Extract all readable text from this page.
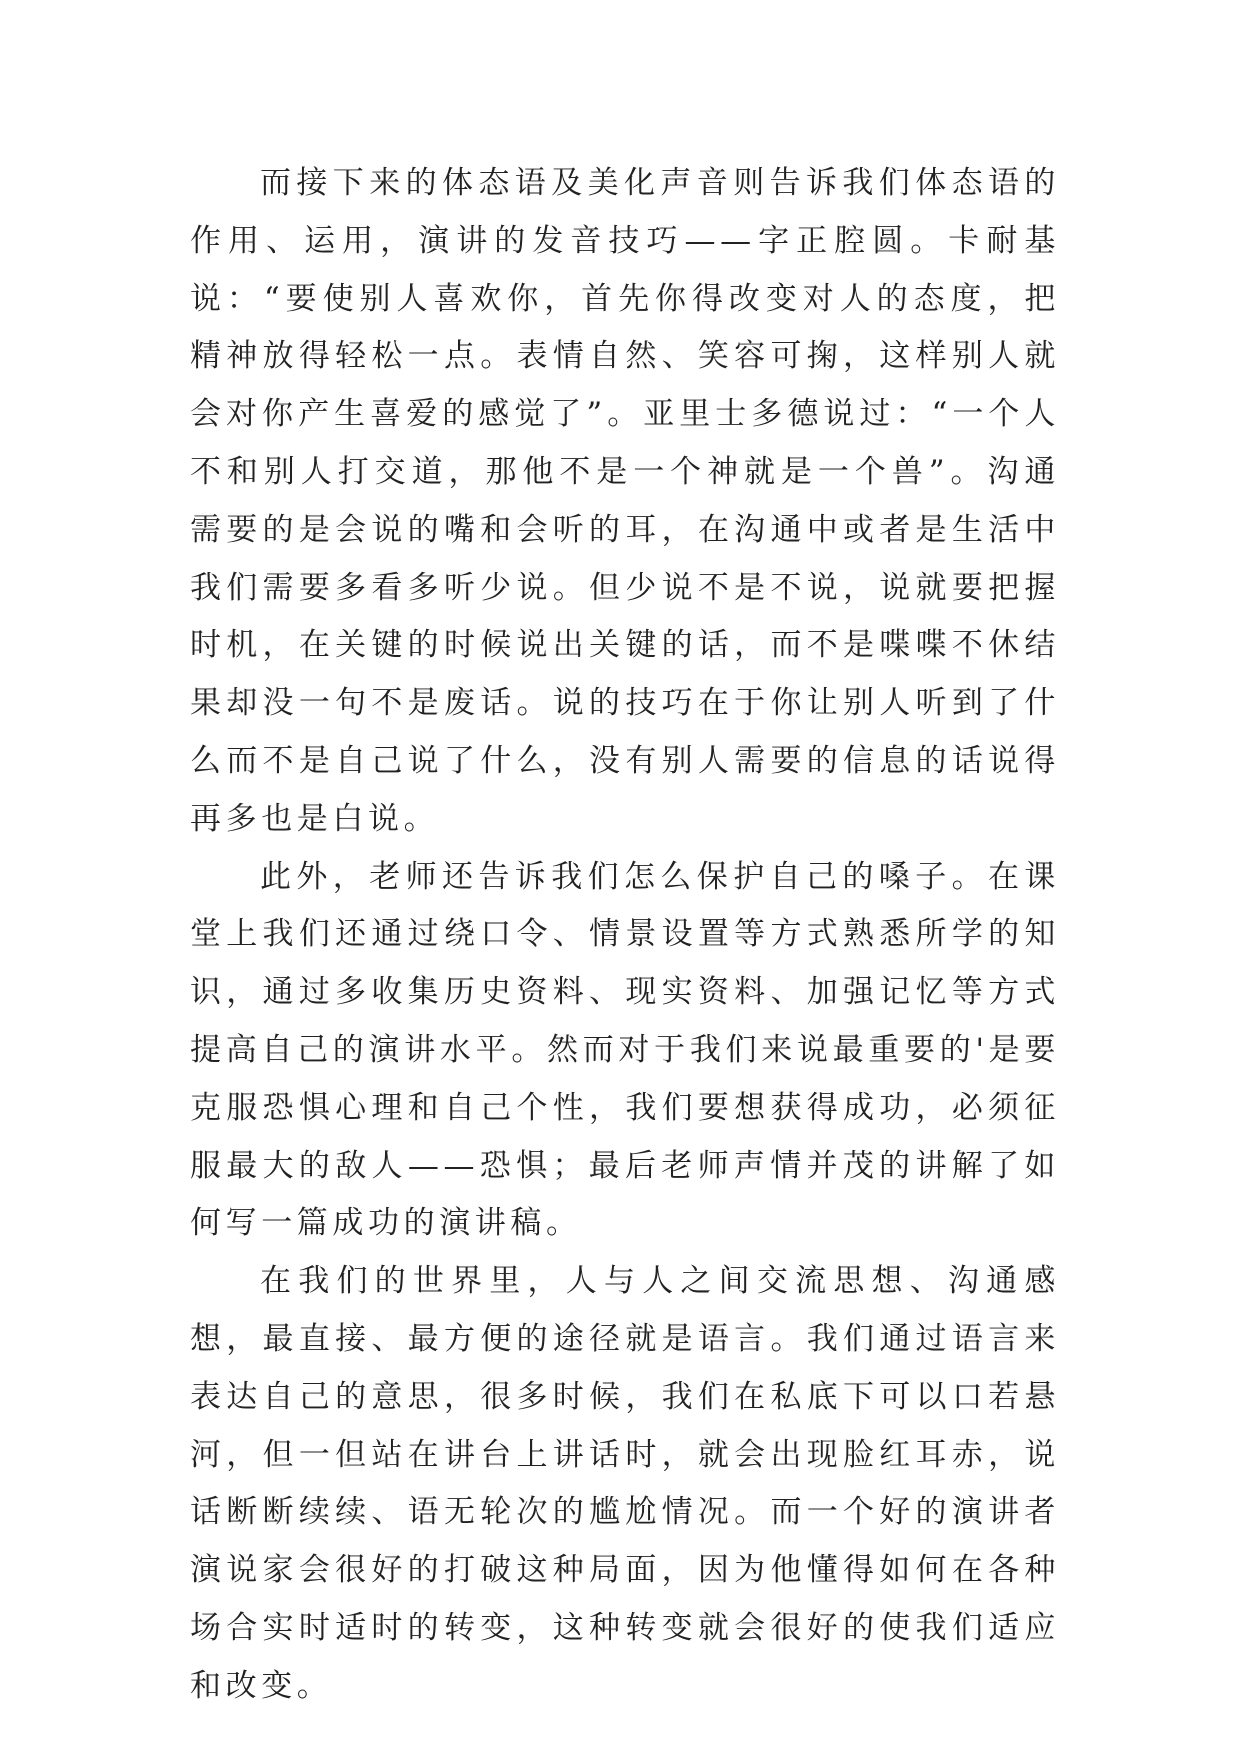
而接下来的体态语及美化声音则告诉我们体态语的作用、运用，演讲的发音技巧——字正腔圆。卡耐基说：“要使别人喜欢你，首先你得改变对人的态度，把精神放得轻松一点。表情自然、笑容可掬，这样别人就会对你产生喜爱的感觉了”。亚里士多德说过：“一个人不和别人打交道，那他不是一个神就是一个兽”。沟通需要的是会说的嘴和会听的耳，在沟通中或者是生活中我们需要多看多听少说。但少说不是不说，说就要把握时机，在关键的时候说出关键的话，而不是喋喋不休结果却没一句不是废话。说的技巧在于你让别人听到了什么而不是自己说了什么，没有别人需要的信息的话说得再多也是白说。

此外，老师还告诉我们怎么保护自己的嗓子。在课堂上我们还通过绕口令、情景设置等方式熟悉所学的知识，通过多收集历史资料、现实资料、加强记忆等方式提高自己的演讲水平。然而对于我们来说最重要的'是要克服恐惧心理和自己个性，我们要想获得成功，必须征服最大的敌人——恐惧；最后老师声情并茂的讲解了如何写一篇成功的演讲稿。

在我们的世界里，人与人之间交流思想、沟通感想，最直接、最方便的途径就是语言。我们通过语言来表达自己的意思，很多时候，我们在私底下可以口若悬河，但一但站在讲台上讲话时，就会出现脸红耳赤，说话断断续续、语无轮次的尴尬情况。而一个好的演讲者演说家会很好的打破这种局面，因为他懂得如何在各种场合实时适时的转变，这种转变就会很好的使我们适应和改变。
